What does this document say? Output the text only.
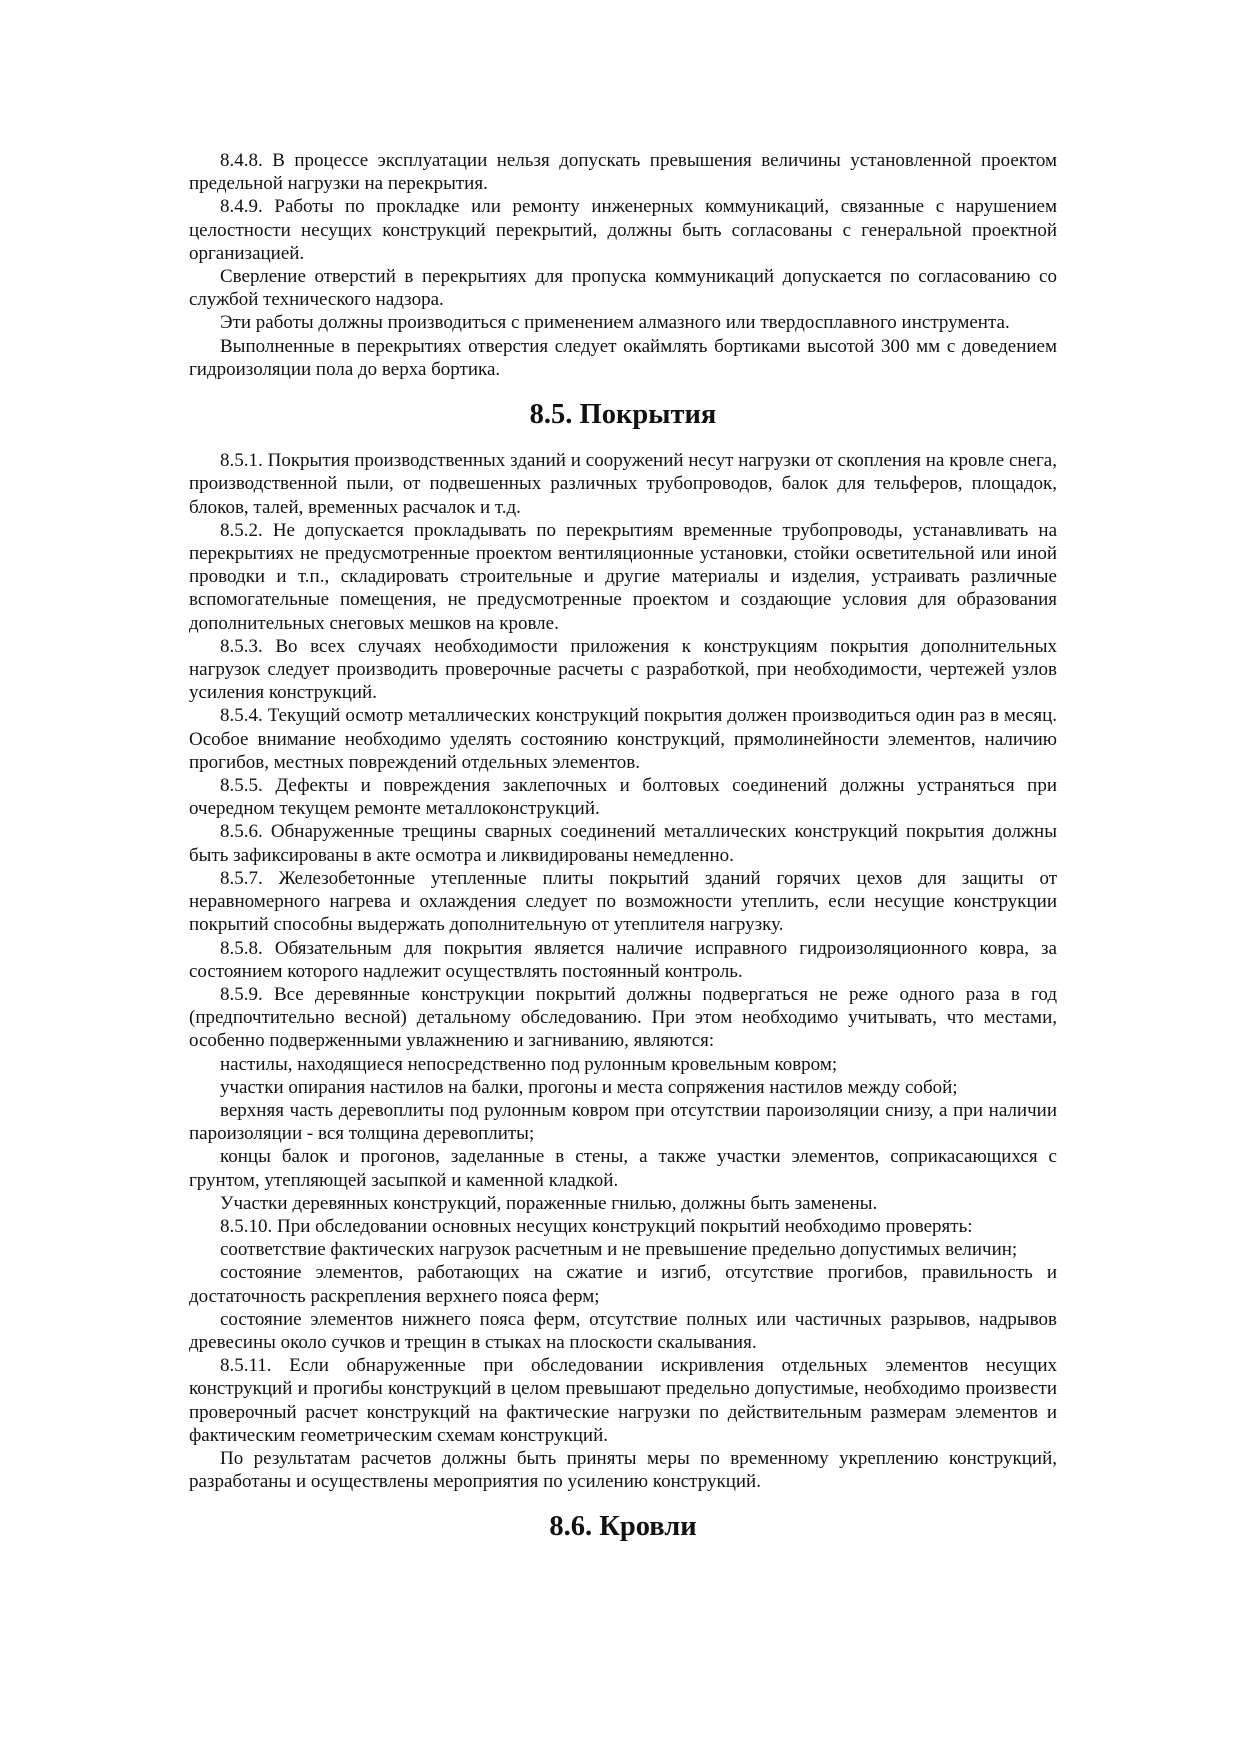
8.4.8. В процессе эксплуатации нельзя допускать превышения величины установленной проектом предельной нагрузки на перекрытия.

8.4.9. Работы по прокладке или ремонту инженерных коммуникаций, связанные с нарушением целостности несущих конструкций перекрытий, должны быть согласованы с генеральной проектной организацией.

Сверление отверстий в перекрытиях для пропуска коммуникаций допускается по согласованию со службой технического надзора.

Эти работы должны производиться с применением алмазного или твердосплавного инструмента.

Выполненные в перекрытиях отверстия следует окаймлять бортиками высотой 300 мм с доведением гидроизоляции пола до верха бортика.

8.5. Покрытия

8.5.1. Покрытия производственных зданий и сооружений несут нагрузки от скопления на кровле снега, производственной пыли, от подвешенных различных трубопроводов, балок для тельферов, площадок, блоков, талей, временных расчалок и т.д.

8.5.2. Не допускается прокладывать по перекрытиям временные трубопроводы, устанавливать на перекрытиях не предусмотренные проектом вентиляционные установки, стойки осветительной или иной проводки и т.п., складировать строительные и другие материалы и изделия, устраивать различные вспомогательные помещения, не предусмотренные проектом и создающие условия для образования дополнительных снеговых мешков на кровле.

8.5.3. Во всех случаях необходимости приложения к конструкциям покрытия дополнительных нагрузок следует производить проверочные расчеты с разработкой, при необходимости, чертежей узлов усиления конструкций.

8.5.4. Текущий осмотр металлических конструкций покрытия должен производиться один раз в месяц. Особое внимание необходимо уделять состоянию конструкций, прямолинейности элементов, наличию прогибов, местных повреждений отдельных элементов.

8.5.5. Дефекты и повреждения заклепочных и болтовых соединений должны устраняться при очередном текущем ремонте металлоконструкций.

8.5.6. Обнаруженные трещины сварных соединений металлических конструкций покрытия должны быть зафиксированы в акте осмотра и ликвидированы немедленно.

8.5.7. Железобетонные утепленные плиты покрытий зданий горячих цехов для защиты от неравномерного нагрева и охлаждения следует по возможности утеплить, если несущие конструкции покрытий способны выдержать дополнительную от утеплителя нагрузку.

8.5.8. Обязательным для покрытия является наличие исправного гидроизоляционного ковра, за состоянием которого надлежит осуществлять постоянный контроль.

8.5.9. Все деревянные конструкции покрытий должны подвергаться не реже одного раза в год (предпочтительно весной) детальному обследованию. При этом необходимо учитывать, что местами, особенно подверженными увлажнению и загниванию, являются:

настилы, находящиеся непосредственно под рулонным кровельным ковром;

участки опирания настилов на балки, прогоны и места сопряжения настилов между собой;

верхняя часть деревоплиты под рулонным ковром при отсутствии пароизоляции снизу, а при наличии пароизоляции - вся толщина деревоплиты;

концы балок и прогонов, заделанные в стены, а также участки элементов, соприкасающихся с грунтом, утепляющей засыпкой и каменной кладкой.

Участки деревянных конструкций, пораженные гнилью, должны быть заменены.

8.5.10. При обследовании основных несущих конструкций покрытий необходимо проверять:

соответствие фактических нагрузок расчетным и не превышение предельно допустимых величин;

состояние элементов, работающих на сжатие и изгиб, отсутствие прогибов, правильность и достаточность раскрепления верхнего пояса ферм;

состояние элементов нижнего пояса ферм, отсутствие полных или частичных разрывов, надрывов древесины около сучков и трещин в стыках на плоскости скалывания.

8.5.11. Если обнаруженные при обследовании искривления отдельных элементов несущих конструкций и прогибы конструкций в целом превышают предельно допустимые, необходимо произвести проверочный расчет конструкций на фактические нагрузки по действительным размерам элементов и фактическим геометрическим схемам конструкций.

По результатам расчетов должны быть приняты меры по временному укреплению конструкций, разработаны и осуществлены мероприятия по усилению конструкций.

8.6. Кровли
